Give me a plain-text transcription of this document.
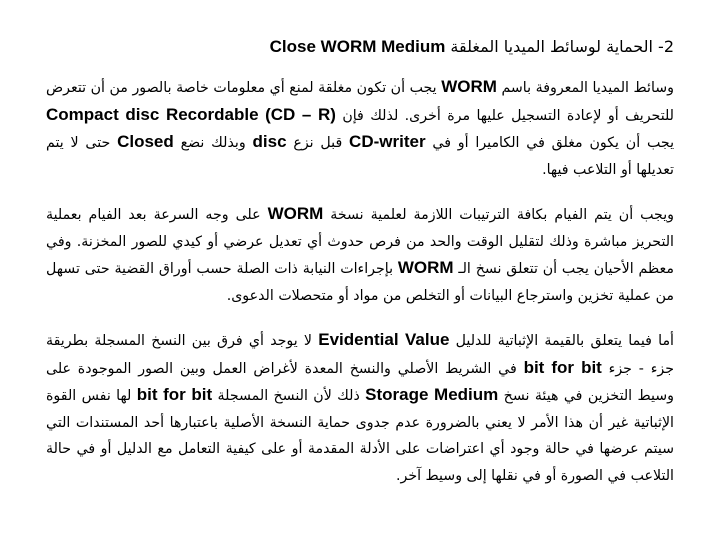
2- الحماية لوسائط الميديا المغلقة Close WORM Medium

وسائط الميديا المعروفة باسم WORM يجب أن تكون مغلقة لمنع أي معلومات خاصة بالصور من أن تتعرض للتحريف أو لإعادة التسجيل عليها مرة أخرى. لذلك فإن Compact disc Recordable (CD – R) يجب أن يكون مغلق في الكاميرا أو في CD-writer قبل نزع disc وبذلك نضع Closed حتى لا يتم تعديلها أو التلاعب فيها.

ويجب أن يتم الفيام بكافة الترتيبات اللازمة لعلمية نسخة WORM على وجه السرعة بعد الفيام بعملية التحريز مباشرة وذلك لتقليل الوقت والحد من فرص حدوث أي تعديل عرضي أو كيدي للصور المخزنة. وفي معظم الأحيان يجب أن تتعلق نسخ الـ WORM بإجراءات النيابة ذات الصلة حسب أوراق القضية حتى تسهل من عملية تخزين واسترجاع البيانات أو التخلص من مواد أو متحصلات الدعوى.

أما فيما يتعلق بالقيمة الإثباتية للدليل Evidential Value لا يوجد أي فرق بين النسخ المسجلة بطريقة جزء - جزء bit for bit في الشريط الأصلي والنسخ المعدة لأغراض العمل وبين الصور الموجودة على وسيط التخزين في هيئة نسخ Storage Medium ذلك لأن النسخ المسجلة bit for bit لها نفس القوة الإثباتية غير أن هذا الأمر لا يعني بالضرورة عدم جدوى حماية النسخة الأصلية باعتبارها أحد المستندات التي سيتم عرضها في حالة وجود أي اعتراضات على الأدلة المقدمة أو على كيفية التعامل مع الدليل أو في حالة التلاعب في الصورة أو في نقلها إلى وسيط آخر.
